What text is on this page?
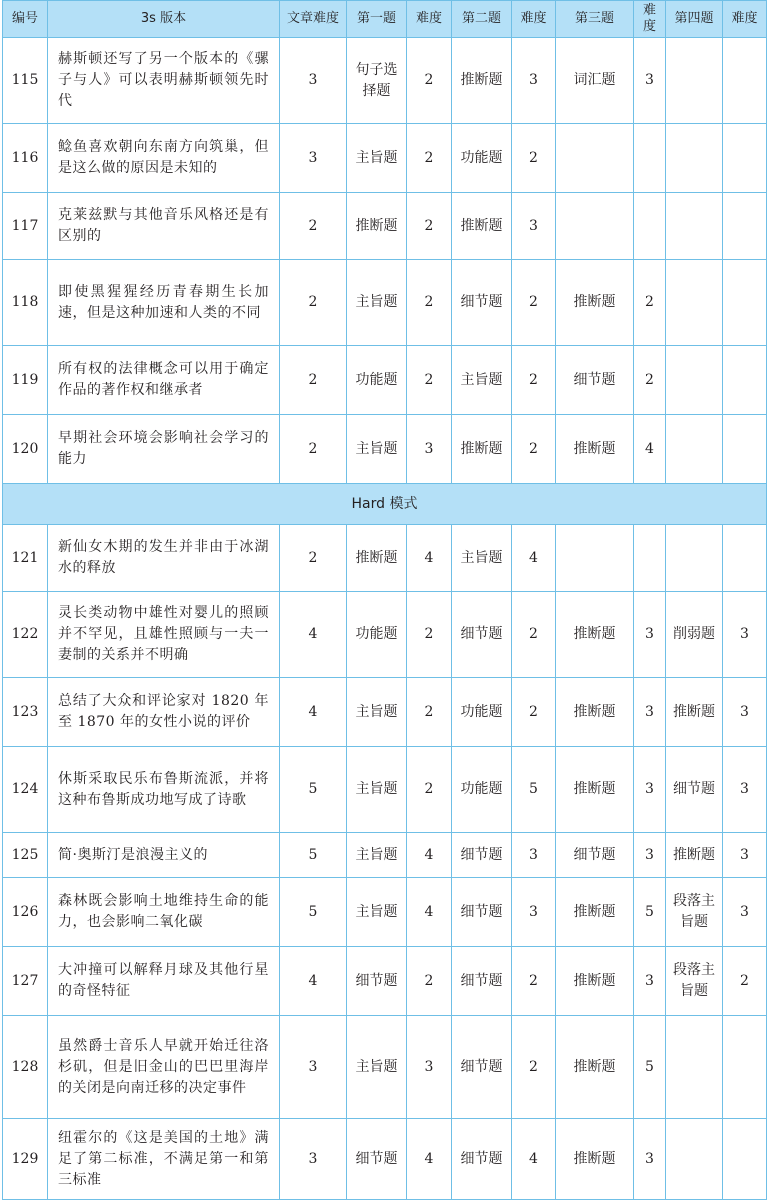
编号	3s 版本	文章难度	第一题	难度	第二题	难度	第三题	难度	第四题	难度
115	赫斯顿还写了另一个版本的《骡子与人》可以表明赫斯顿领先时代	3	句子选择题	2	推断题	3	词汇题	3		
116	鲶鱼喜欢朝向东南方向筑巢，但是这么做的原因是未知的	3	主旨题	2	功能题	2				
117	克莱兹默与其他音乐风格还是有区别的	2	推断题	2	推断题	3				
118	即使黑猩猩经历青春期生长加速，但是这种加速和人类的不同	2	主旨题	2	细节题	2	推断题	2		
119	所有权的法律概念可以用于确定作品的著作权和继承者	2	功能题	2	主旨题	2	细节题	2		
120	早期社会环境会影响社会学习的能力	2	主旨题	3	推断题	2	推断题	4		
Hard 模式										
121	新仙女木期的发生并非由于冰湖水的释放	2	推断题	4	主旨题	4				
122	灵长类动物中雄性对婴儿的照顾并不罕见，且雄性照顾与一夫一妻制的关系并不明确	4	功能题	2	细节题	2	推断题	3	削弱题	3
123	总结了大众和评论家对 1820 年至 1870 年的女性小说的评价	4	主旨题	2	功能题	2	推断题	3	推断题	3
124	休斯采取民乐布鲁斯流派，并将这种布鲁斯成功地写成了诗歌	5	主旨题	2	功能题	5	推断题	3	细节题	3
125	简·奥斯汀是浪漫主义的	5	主旨题	4	细节题	3	细节题	3	推断题	3
126	森林既会影响土地维持生命的能力，也会影响二氧化碳	5	主旨题	4	细节题	3	推断题	5	段落主旨题	3
127	大冲撞可以解释月球及其他行星的奇怪特征	4	细节题	2	细节题	2	推断题	3	段落主旨题	2
128	虽然爵士音乐人早就开始迁往洛杉矶，但是旧金山的巴巴里海岸的关闭是向南迁移的决定事件	3	主旨题	3	细节题	2	推断题	5		
129	纽霍尔的《这是美国的土地》满足了第二标准，不满足第一和第三标准	3	细节题	4	细节题	4	推断题	3		
